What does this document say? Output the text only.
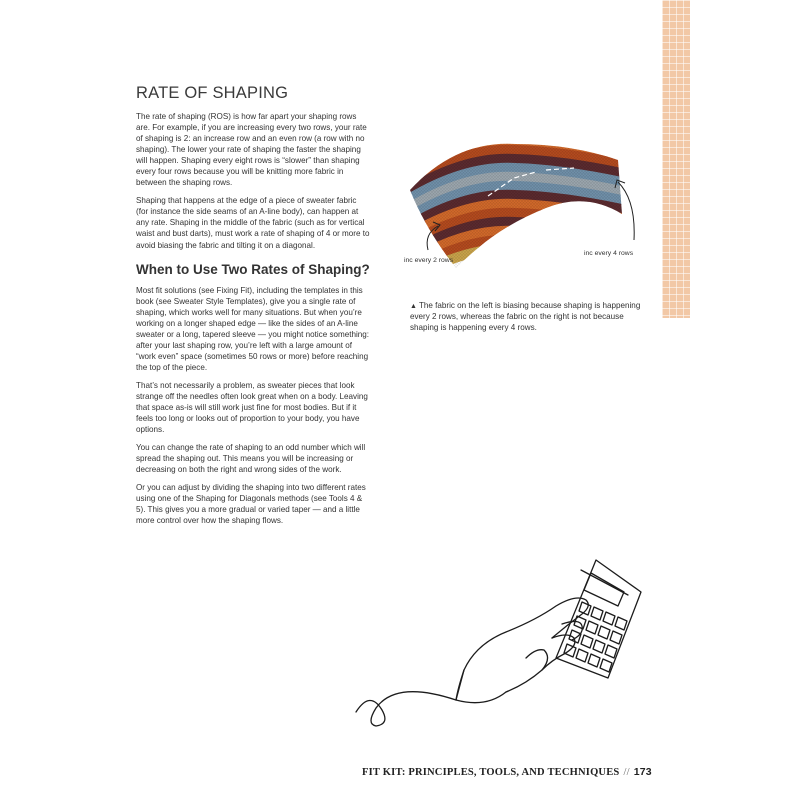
RATE OF SHAPING

The rate of shaping (ROS) is how far apart your shaping rows are. For example, if you are increasing every two rows, your rate of shaping is 2: an increase row and an even row (a row with no shaping). The lower your rate of shaping the faster the shaping will happen. Shaping every eight rows is “slower” than shaping every four rows because you will be knitting more fabric in between the shaping rows.

Shaping that happens at the edge of a piece of sweater fabric (for instance the side seams of an A-line body), can happen at any rate. Shaping in the middle of the fabric (such as for vertical waist and bust darts), must work a rate of shaping of 4 or more to avoid biasing the fabric and tilting it on a diagonal.

When to Use Two Rates of Shaping?

Most fit solutions (see Fixing Fit), including the templates in this book (see Sweater Style Templates), give you a single rate of shaping, which works well for many situations. But when you’re working on a longer shaped edge — like the sides of an A-line sweater or a long, tapered sleeve — you might notice something: after your last shaping row, you’re left with a large amount of “work even” space (sometimes 50 rows or more) before reaching the top of the piece.

That’s not necessarily a problem, as sweater pieces that look strange off the needles often look great when on a body. Leaving that space as-is will still work just fine for most bodies. But if it feels too long or looks out of proportion to your body, you have options.

You can change the rate of shaping to an odd number which will spread the shaping out. This means you will be increasing or decreasing on both the right and wrong sides of the work.

Or you can adjust by dividing the shaping into two different rates using one of the Shaping for Diagonals methods (see Tools 4 & 5). This gives you a more gradual or varied taper — and a little more control over how the shaping flows.

inc every 2 rows
inc every 4 rows
▲ The fabric on the left is biasing because shaping is happening every 2 rows, whereas the fabric on the right is not because shaping is happening every 4 rows.
FIT KIT: PRINCIPLES, TOOLS, AND TECHNIQUES // 173
